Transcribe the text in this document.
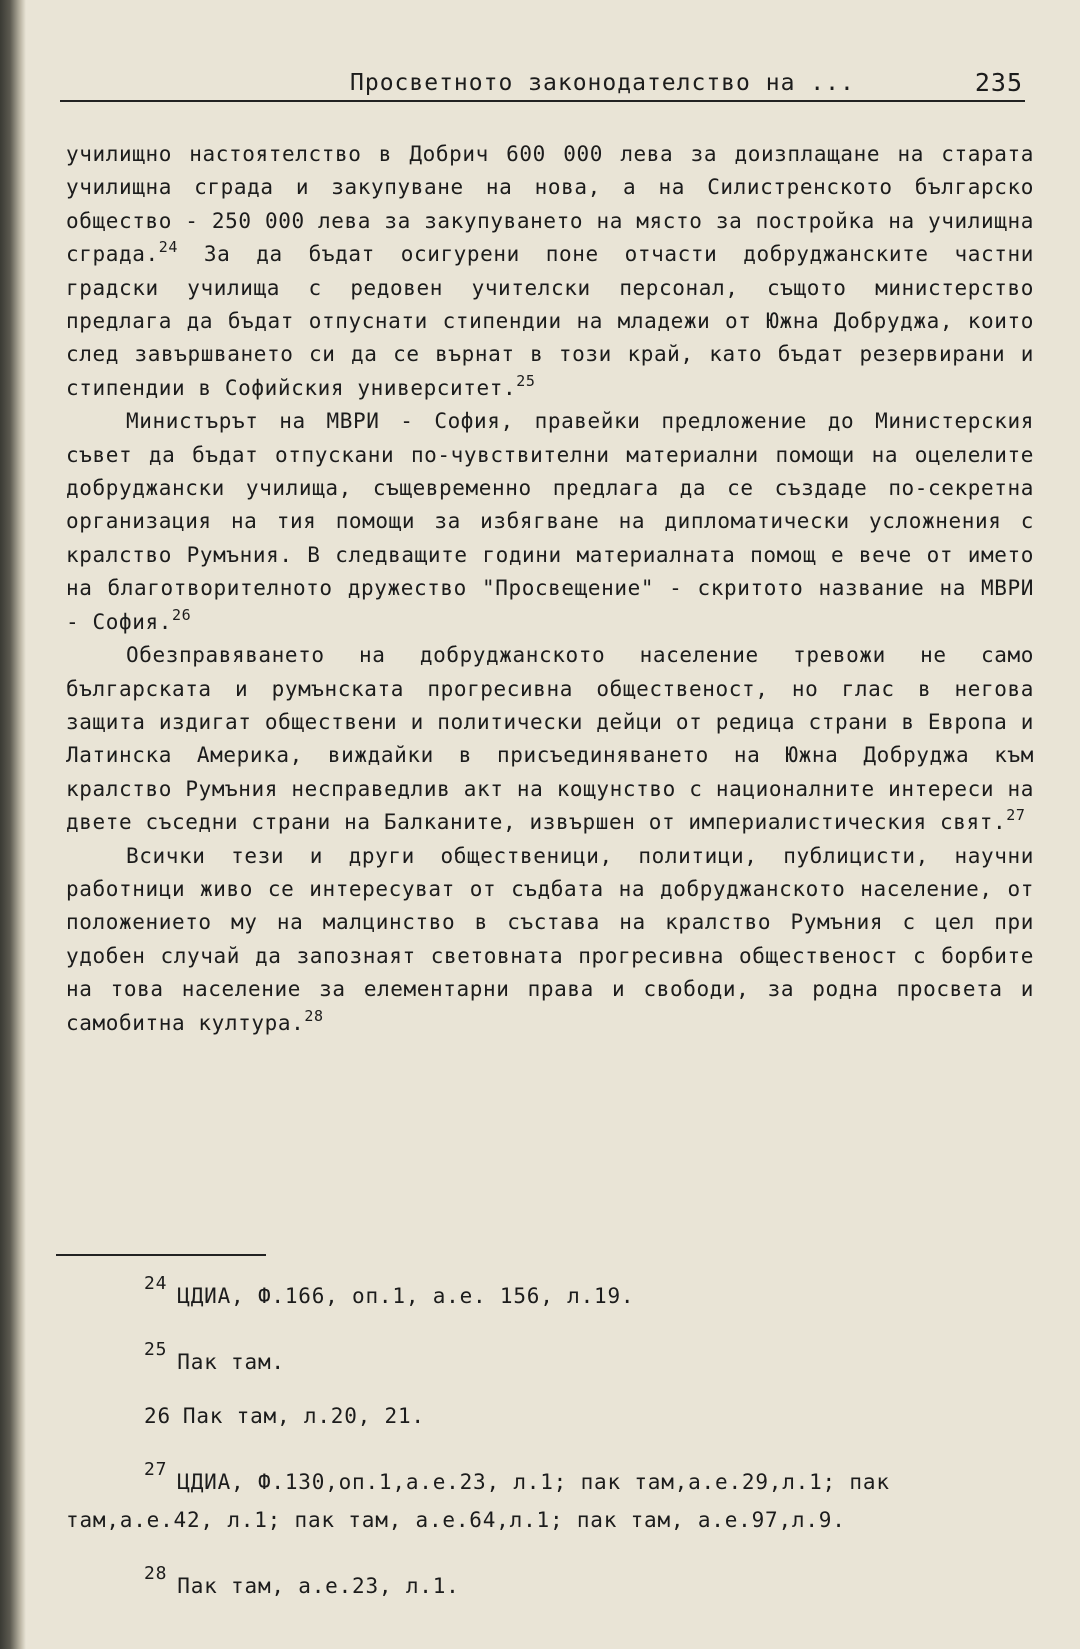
Просветното законодателство на ...	235

училищно настоятелство в Добрич 600 000 лева за доизплащане на старата училищна сграда и закупуване на нова, а на Силистренското българско общество - 250 000 лева за закупуването на място за постройка на училищна сграда.$^{24}$ За да бъдат осигурени поне отчасти добруджанските частни градски училища с редовен учителски персонал, същото министерство предлага да бъдат отпуснати стипендии на младежи от Южна Добруджа, които след завършването си да се върнат в този край, като бъдат резервирани и стипендии в Софийския университет.$^{25}$

Министърът на МВРИ - София, правейки предложение до Министерския съвет да бъдат отпускани по-чувствителни материални помощи на оцелелите добруджански училища, същевременно предлага да се създаде по-секретна организация на тия помощи за избягване на дипломатически усложнения с кралство Румъния. В следващите години материалната помощ е вече от името на благотворителното дружество "Просвещение" - скритото название на МВРИ - София.$^{26}$

Обезправяването на добруджанското население тревожи не само българската и румънската прогресивна общественост, но глас в негова защита издигат обществени и политически дейци от редица страни в Европа и Латинска Америка, виждайки в присъединяването на Южна Добруджа към кралство Румъния несправедлив акт на кощунство с националните интереси на двете съседни страни на Балканите, извършен от империалистическия свят.$^{27}$

Всички тези и други общественици, политици, публицисти, научни работници живо се интересуват от съдбата на добруджанското население, от положението му на малцинство в състава на кралство Румъния с цел при удобен случай да запознаят световната прогресивна общественост с борбите на това население за елементарни права и свободи, за родна просвета и самобитна култура.$^{28}$

24ЦДИА, Ф.166, оп.1, а.е. 156, л.19.

25Пак там.

26 Пак там, л.20, 21.

27ЦДИА, Ф.130,оп.1,а.е.23, л.1; пак там,а.е.29,л.1; пак там,а.е.42, л.1; пак там, а.е.64,л.1; пак там, а.е.97,л.9.

28Пак там, а.е.23, л.1.
